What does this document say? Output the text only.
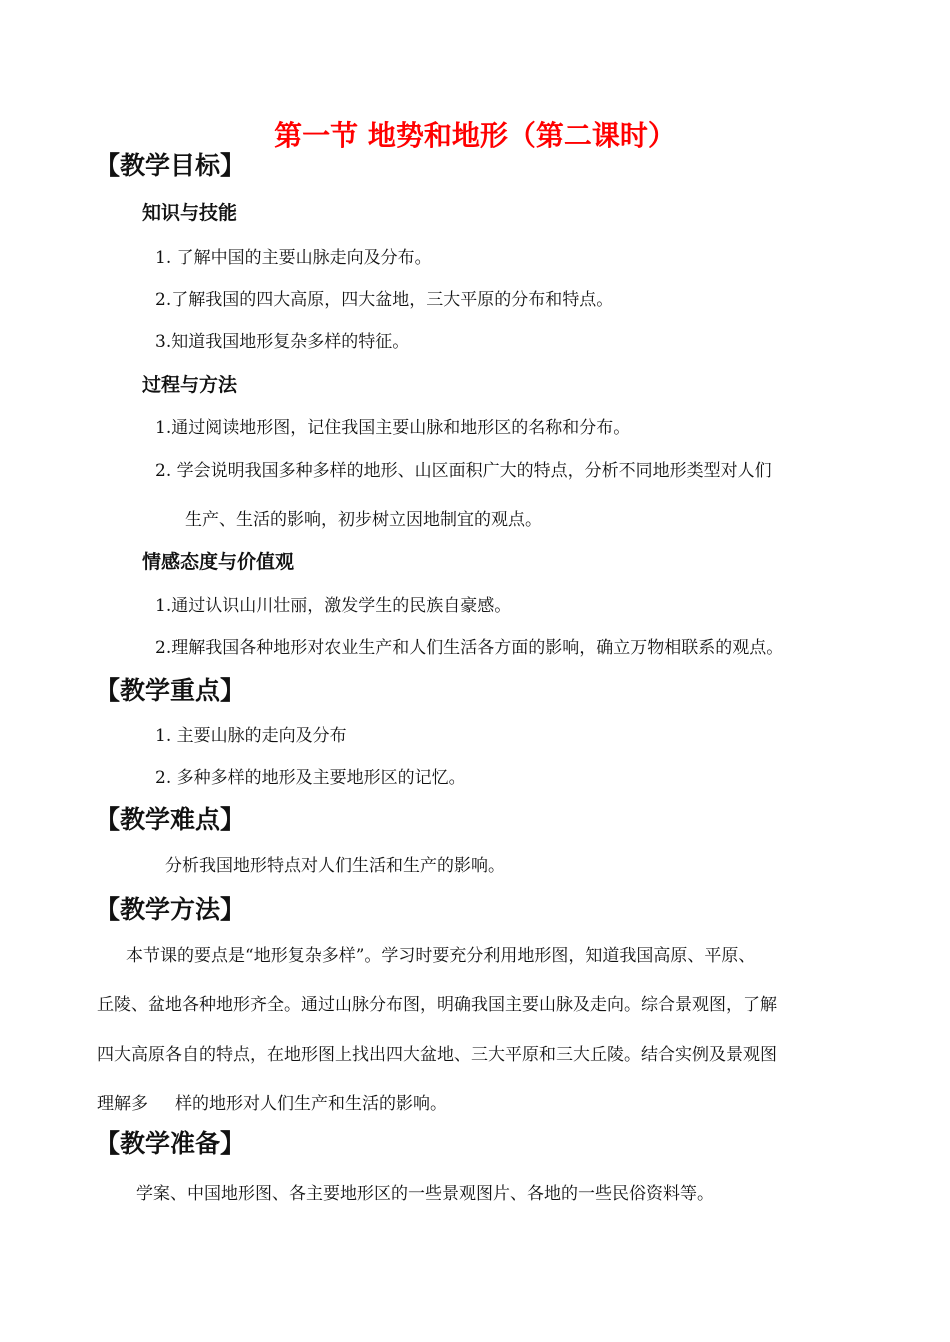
第一节 地势和地形（第二课时）
【教学目标】
知识与技能
1. 了解中国的主要山脉走向及分布。
2.了解我国的四大高原，四大盆地，三大平原的分布和特点。
3.知道我国地形复杂多样的特征。
过程与方法
1.通过阅读地形图，记住我国主要山脉和地形区的名称和分布。
2. 学会说明我国多种多样的地形、山区面积广大的特点，分析不同地形类型对人们
生产、生活的影响，初步树立因地制宜的观点。
情感态度与价值观
1.通过认识山川壮丽，激发学生的民族自豪感。
2.理解我国各种地形对农业生产和人们生活各方面的影响，确立万物相联系的观点。
【教学重点】
1. 主要山脉的走向及分布
2. 多种多样的地形及主要地形区的记忆。
【教学难点】
分析我国地形特点对人们生活和生产的影响。
【教学方法】
本节课的要点是“地形复杂多样”。学习时要充分利用地形图，知道我国高原、平原、
丘陵、盆地各种地形齐全。通过山脉分布图，明确我国主要山脉及走向。综合景观图，了解
四大高原各自的特点，在地形图上找出四大盆地、三大平原和三大丘陵。结合实例及景观图
理解多     样的地形对人们生产和生活的影响。
【教学准备】
学案、中国地形图、各主要地形区的一些景观图片、各地的一些民俗资料等。
